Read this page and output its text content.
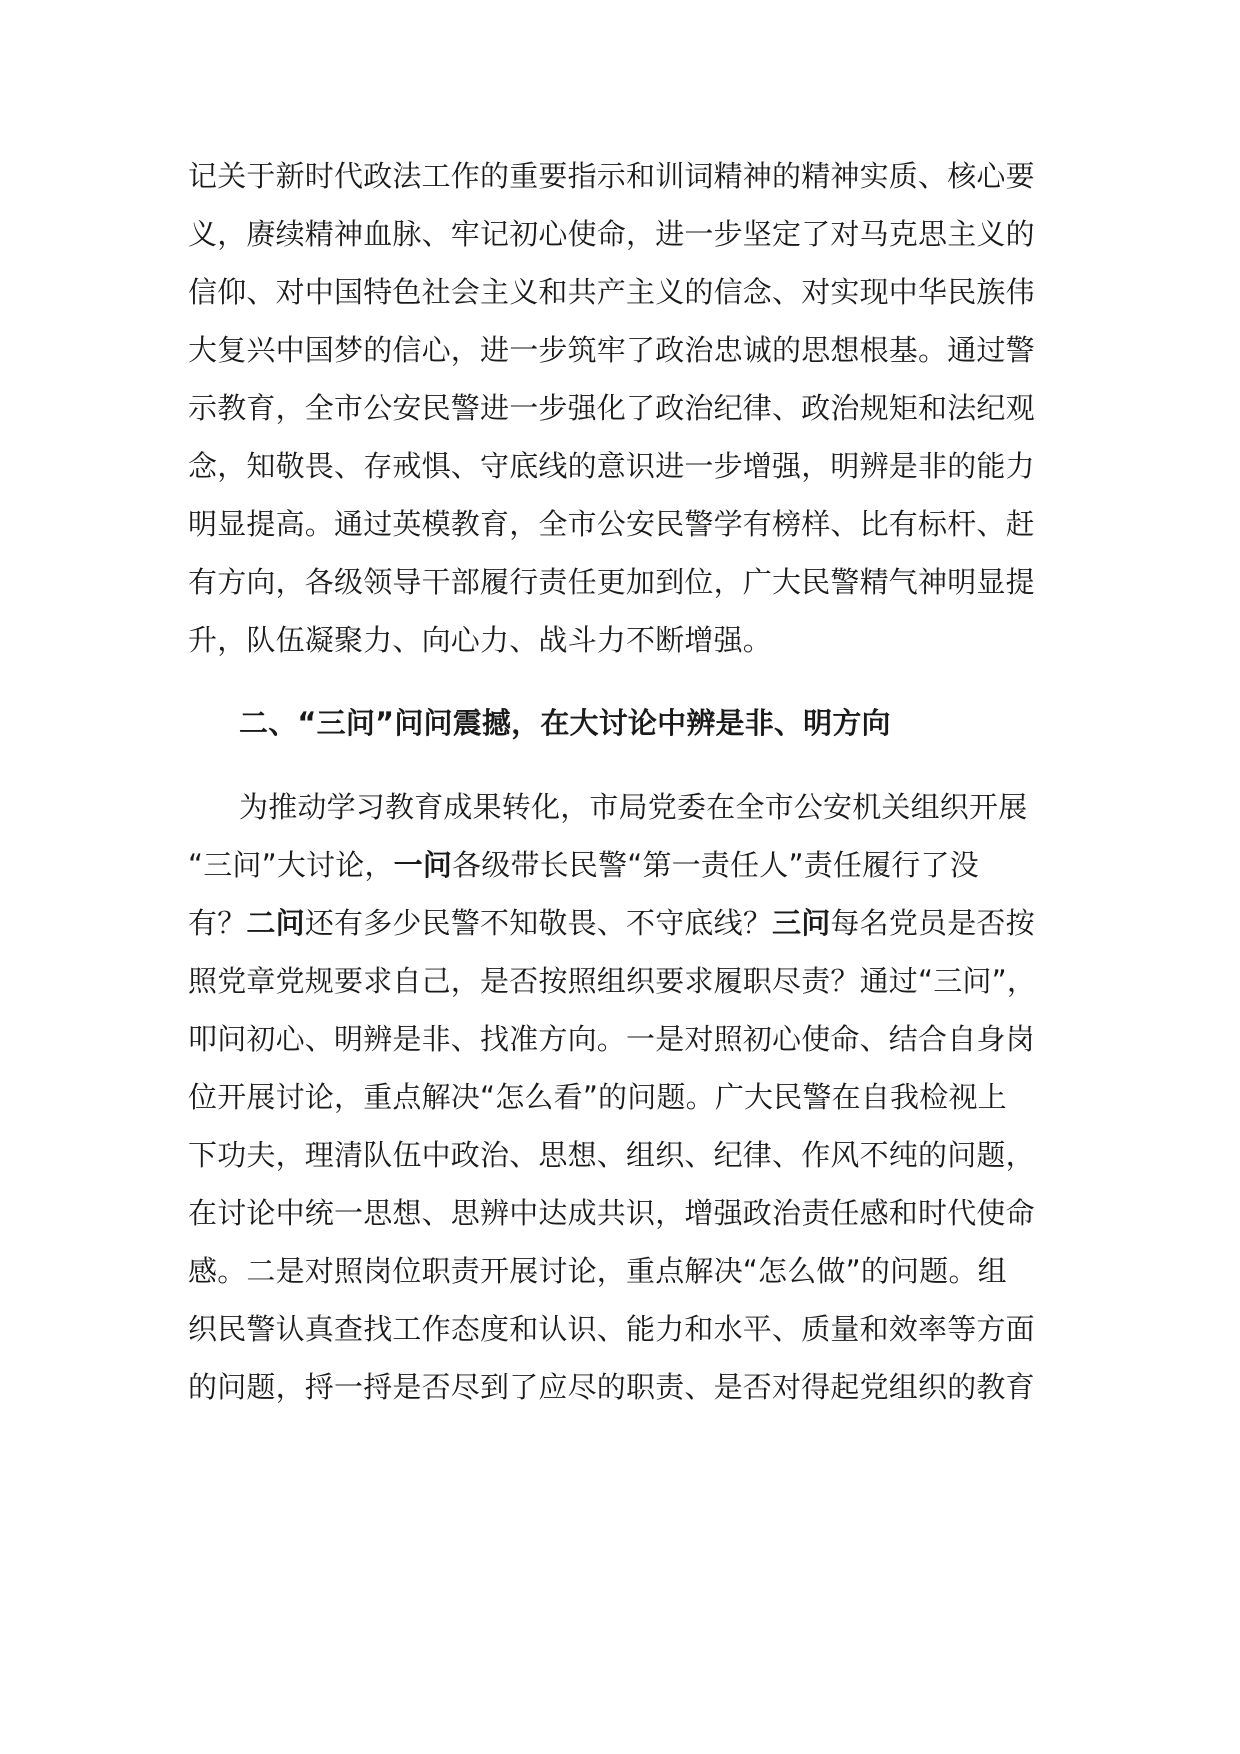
记关于新时代政法工作的重要指示和训词精神的精神实质、核心要
义，赓续精神血脉、牢记初心使命，进一步坚定了对马克思主义的
信仰、对中国特色社会主义和共产主义的信念、对实现中华民族伟
大复兴中国梦的信心，进一步筑牢了政治忠诚的思想根基。通过警
示教育，全市公安民警进一步强化了政治纪律、政治规矩和法纪观
念，知敬畏、存戒惧、守底线的意识进一步增强，明辨是非的能力
明显提高。通过英模教育，全市公安民警学有榜样、比有标杆、赶
有方向，各级领导干部履行责任更加到位，广大民警精气神明显提
升，队伍凝聚力、向心力、战斗力不断增强。
二、“三问”问问震撼，在大讨论中辨是非、明方向
为推动学习教育成果转化，市局党委在全市公安机关组织开展
“三问”大讨论，一问各级带长民警“第一责任人”责任履行了没
有？二问还有多少民警不知敬畏、不守底线？三问每名党员是否按
照党章党规要求自己，是否按照组织要求履职尽责？通过“三问”，
叩问初心、明辨是非、找准方向。一是对照初心使命、结合自身岗
位开展讨论，重点解决“怎么看”的问题。广大民警在自我检视上
下功夫，理清队伍中政治、思想、组织、纪律、作风不纯的问题，
在讨论中统一思想、思辨中达成共识，增强政治责任感和时代使命
感。二是对照岗位职责开展讨论，重点解决“怎么做”的问题。组
织民警认真查找工作态度和认识、能力和水平、质量和效率等方面
的问题，捋一捋是否尽到了应尽的职责、是否对得起党组织的教育
